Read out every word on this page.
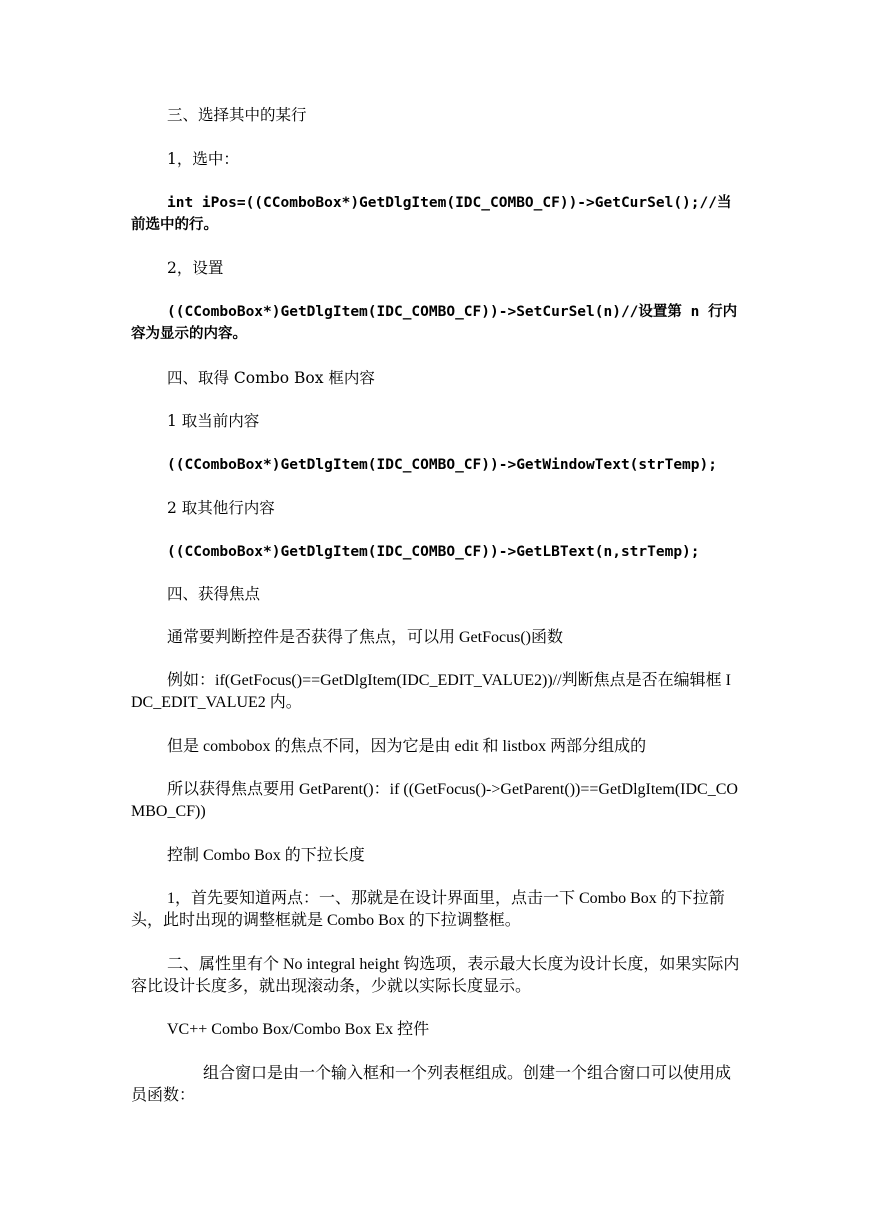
三、选择其中的某行

1，选中：

int iPos=((CComboBox*)GetDlgItem(IDC_COMBO_CF))->GetCurSel();//当前选中的行。

2，设置

((CComboBox*)GetDlgItem(IDC_COMBO_CF))->SetCurSel(n)//设置第 n 行内容为显示的内容。

四、取得 Combo Box 框内容

1 取当前内容

((CComboBox*)GetDlgItem(IDC_COMBO_CF))->GetWindowText(strTemp);

2 取其他行内容

((CComboBox*)GetDlgItem(IDC_COMBO_CF))->GetLBText(n,strTemp);

四、获得焦点

通常要判断控件是否获得了焦点，可以用 GetFocus()函数

例如：if(GetFocus()==GetDlgItem(IDC_EDIT_VALUE2))//判断焦点是否在编辑框 IDC_EDIT_VALUE2 内。

但是 combobox 的焦点不同，因为它是由 edit 和 listbox 两部分组成的

所以获得焦点要用 GetParent()：if ((GetFocus()->GetParent())==GetDlgItem(IDC_COMBO_CF))

控制 Combo Box 的下拉长度

1，首先要知道两点：一、那就是在设计界面里，点击一下 Combo Box 的下拉箭头，此时出现的调整框就是 Combo Box 的下拉调整框。

二、属性里有个 No integral height 钩选项，表示最大长度为设计长度，如果实际内容比设计长度多，就出现滚动条，少就以实际长度显示。

VC++ Combo Box/Combo Box Ex 控件

组合窗口是由一个输入框和一个列表框组成。创建一个组合窗口可以使用成员函数：
